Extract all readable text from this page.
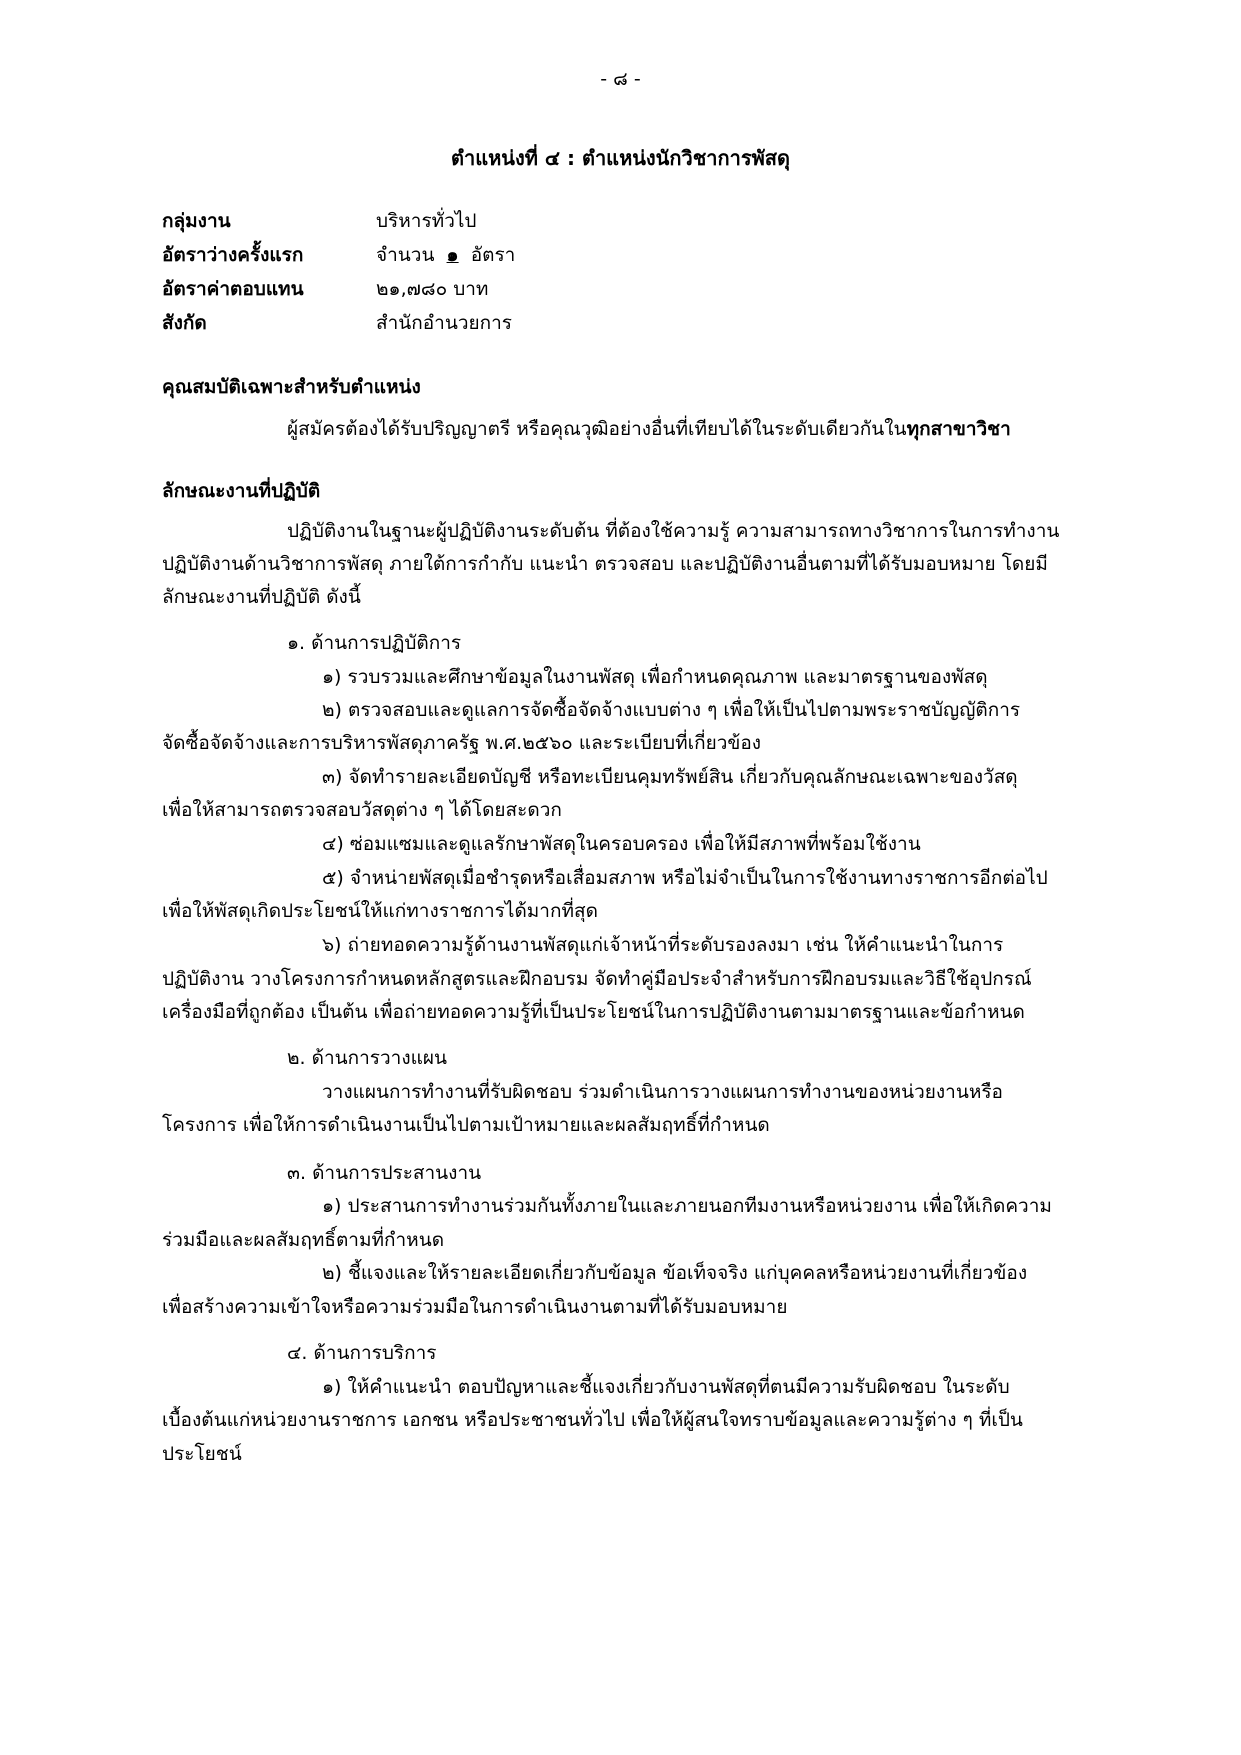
- ๘ -

ตำแหน่งที่ ๔ : ตำแหน่งนักวิชาการพัสดุ

กลุ่มงาน	บริหารทั่วไป

อัตราว่างครั้งแรก	จำนวน ๑ อัตรา

อัตราค่าตอบแทน	๒๑,๗๘๐ บาท

สังกัด	สำนักอำนวยการ

คุณสมบัติเฉพาะสำหรับตำแหน่ง

ผู้สมัครต้องได้รับปริญญาตรี หรือคุณวุฒิอย่างอื่นที่เทียบได้ในระดับเดียวกันในทุกสาขาวิชา

ลักษณะงานที่ปฏิบัติ

ปฏิบัติงานในฐานะผู้ปฏิบัติงานระดับต้น ที่ต้องใช้ความรู้ ความสามารถทางวิชาการในการทำงาน

ปฏิบัติงานด้านวิชาการพัสดุ ภายใต้การกำกับ แนะนำ ตรวจสอบ และปฏิบัติงานอื่นตามที่ได้รับมอบหมาย โดยมี

ลักษณะงานที่ปฏิบัติ ดังนี้

๑. ด้านการปฏิบัติการ

๑) รวบรวมและศึกษาข้อมูลในงานพัสดุ เพื่อกำหนดคุณภาพ และมาตรฐานของพัสดุ

๒) ตรวจสอบและดูแลการจัดซื้อจัดจ้างแบบต่าง ๆ เพื่อให้เป็นไปตามพระราชบัญญัติการ

จัดซื้อจัดจ้างและการบริหารพัสดุภาครัฐ พ.ศ.๒๕๖๐ และระเบียบที่เกี่ยวข้อง

๓) จัดทำรายละเอียดบัญชี หรือทะเบียนคุมทรัพย์สิน เกี่ยวกับคุณลักษณะเฉพาะของวัสดุ

เพื่อให้สามารถตรวจสอบวัสดุต่าง ๆ ได้โดยสะดวก

๔) ซ่อมแซมและดูแลรักษาพัสดุในครอบครอง เพื่อให้มีสภาพที่พร้อมใช้งาน

๕) จำหน่ายพัสดุเมื่อชำรุดหรือเสื่อมสภาพ หรือไม่จำเป็นในการใช้งานทางราชการอีกต่อไป

เพื่อให้พัสดุเกิดประโยชน์ให้แก่ทางราชการได้มากที่สุด

๖) ถ่ายทอดความรู้ด้านงานพัสดุแก่เจ้าหน้าที่ระดับรองลงมา เช่น ให้คำแนะนำในการ

ปฏิบัติงาน วางโครงการกำหนดหลักสูตรและฝึกอบรม จัดทำคู่มือประจำสำหรับการฝึกอบรมและวิธีใช้อุปกรณ์

เครื่องมือที่ถูกต้อง เป็นต้น เพื่อถ่ายทอดความรู้ที่เป็นประโยชน์ในการปฏิบัติงานตามมาตรฐานและข้อกำหนด

๒. ด้านการวางแผน

วางแผนการทำงานที่รับผิดชอบ ร่วมดำเนินการวางแผนการทำงานของหน่วยงานหรือ

โครงการ เพื่อให้การดำเนินงานเป็นไปตามเป้าหมายและผลสัมฤทธิ์ที่กำหนด

๓. ด้านการประสานงาน

๑) ประสานการทำงานร่วมกันทั้งภายในและภายนอกทีมงานหรือหน่วยงาน เพื่อให้เกิดความ

ร่วมมือและผลสัมฤทธิ์ตามที่กำหนด

๒) ชี้แจงและให้รายละเอียดเกี่ยวกับข้อมูล ข้อเท็จจริง แก่บุคคลหรือหน่วยงานที่เกี่ยวข้อง

เพื่อสร้างความเข้าใจหรือความร่วมมือในการดำเนินงานตามที่ได้รับมอบหมาย

๔. ด้านการบริการ

๑) ให้คำแนะนำ ตอบปัญหาและชี้แจงเกี่ยวกับงานพัสดุที่ตนมีความรับผิดชอบ ในระดับ

เบื้องต้นแก่หน่วยงานราชการ เอกชน หรือประชาชนทั่วไป เพื่อให้ผู้สนใจทราบข้อมูลและความรู้ต่าง ๆ ที่เป็น

ประโยชน์
